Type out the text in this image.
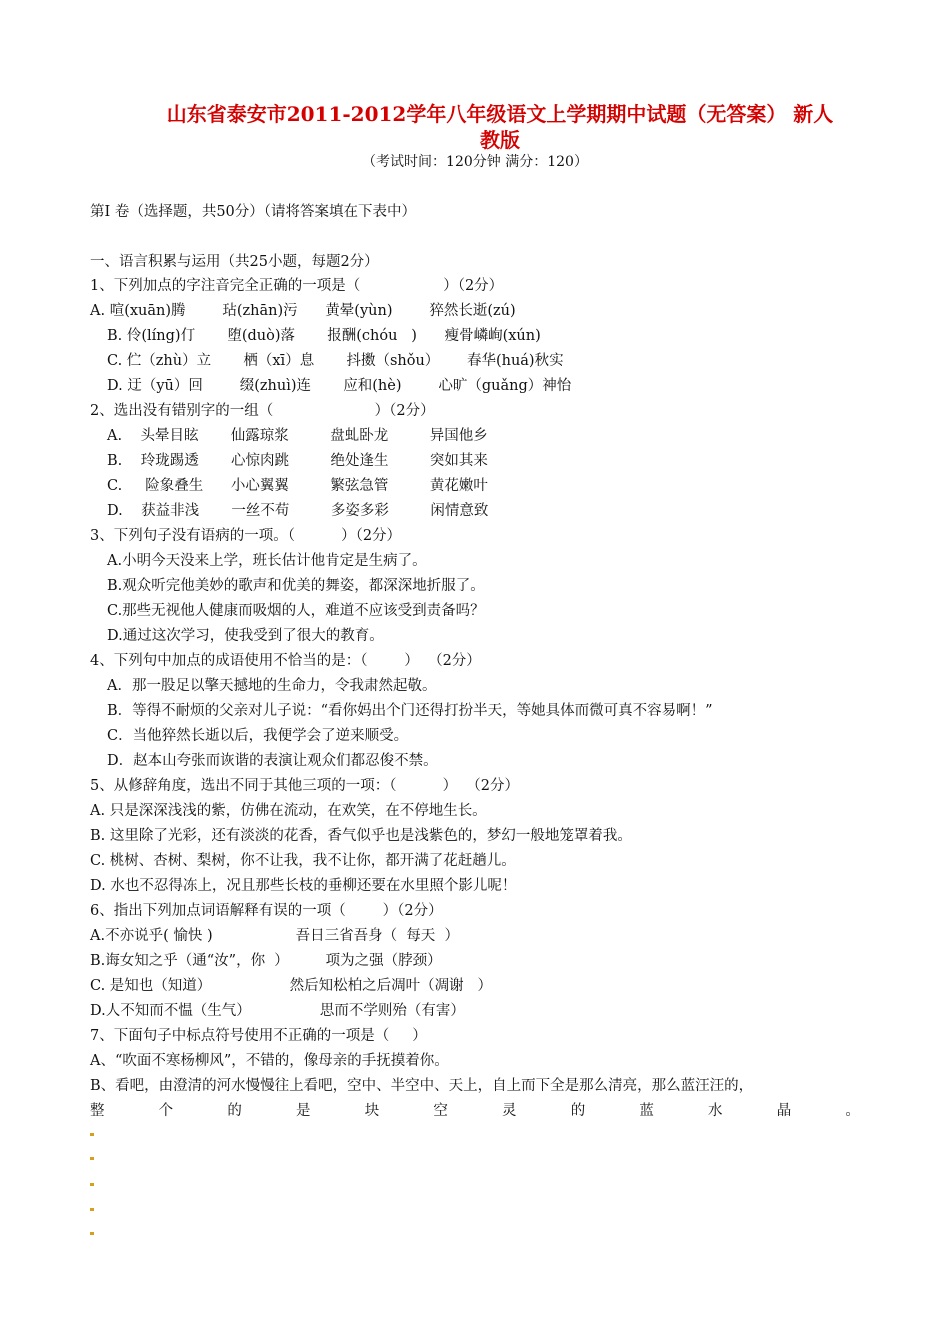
山东省泰安市2011-2012学年八年级语文上学期期中试题（无答案） 新人
教版
（考试时间：120分钟 满分：120）
第Ⅰ 卷（选择题，共50分）（请将答案填在下表中）
一、语言积累与运用（共25小题，每题2分）
1、下列加点的字注音完全正确的一项是（                  ）（2分）
A. 喧(xuān)腾        玷(zhān)污      黄晕(yùn)        猝然长逝(zú)
B. 伶(líng)仃       堕(duò)落       报酬(chóu   )      瘦骨嶙峋(xún)
C. 伫（zhù）立       栖（xī）息       抖擞（shǒu）      春华(huá)秋实
D. 迂（yū）回        缀(zhuì)连       应和(hè)        心旷（guǎng）神怡
2、选出没有错别字的一组（                      ）（2分）
A.    头晕目眩       仙露琼浆         盘虬卧龙         异国他乡
B.    玲珑踢透       心惊肉跳         绝处逢生         突如其来
C.     险象叠生      小心翼翼         繁弦急管         黄花嫩叶
D.    获益非浅       一丝不苟         多姿多彩         闲情意致
3、下列句子没有语病的一项。（          ）（2分）
A.小明今天没来上学，班长估计他肯定是生病了。
B.观众听完他美妙的歌声和优美的舞姿，都深深地折服了。
C.那些无视他人健康而吸烟的人，难道不应该受到责备吗？
D.通过这次学习，使我受到了很大的教育。
4、下列句中加点的成语使用不恰当的是：（        ）  （2分）
A．那一股足以擎天撼地的生命力，令我肃然起敬。
B．等得不耐烦的父亲对儿子说：“看你妈出个门还得打扮半天，等她具体而微可真不容易啊！”
C．当他猝然长逝以后，我便学会了逆来顺受。
D．赵本山夸张而诙谐的表演让观众们都忍俊不禁。
5、从修辞角度，选出不同于其他三项的一项：（          ）  （2分）
A. 只是深深浅浅的紫，仿佛在流动，在欢笑，在不停地生长。
B. 这里除了光彩，还有淡淡的花香，香气似乎也是浅紫色的，梦幻一般地笼罩着我。
C. 桃树、杏树、梨树，你不让我，我不让你，都开满了花赶趟儿。
D. 水也不忍得冻上，况且那些长枝的垂柳还要在水里照个影儿呢！
6、指出下列加点词语解释有误的一项（        ）（2分）
A.不亦说乎( 愉快 )                  吾日三省吾身（  每天  ）
B.诲女知之乎（通“汝”，你  ）        项为之强（脖颈）
C. 是知也（知道）                 然后知松柏之后凋叶（凋谢   ）
D.人不知而不愠（生气）               思而不学则殆（有害）
7、下面句子中标点符号使用不正确的一项是（     ）
A、“吹面不寒杨柳风”，不错的，像母亲的手抚摸着你。
B、看吧，由澄清的河水慢慢往上看吧，空中、半空中、天上，自上而下全是那么清亮，那么蓝汪汪的，
整	个	的	是	块	空	灵	的	蓝	水	晶	。
